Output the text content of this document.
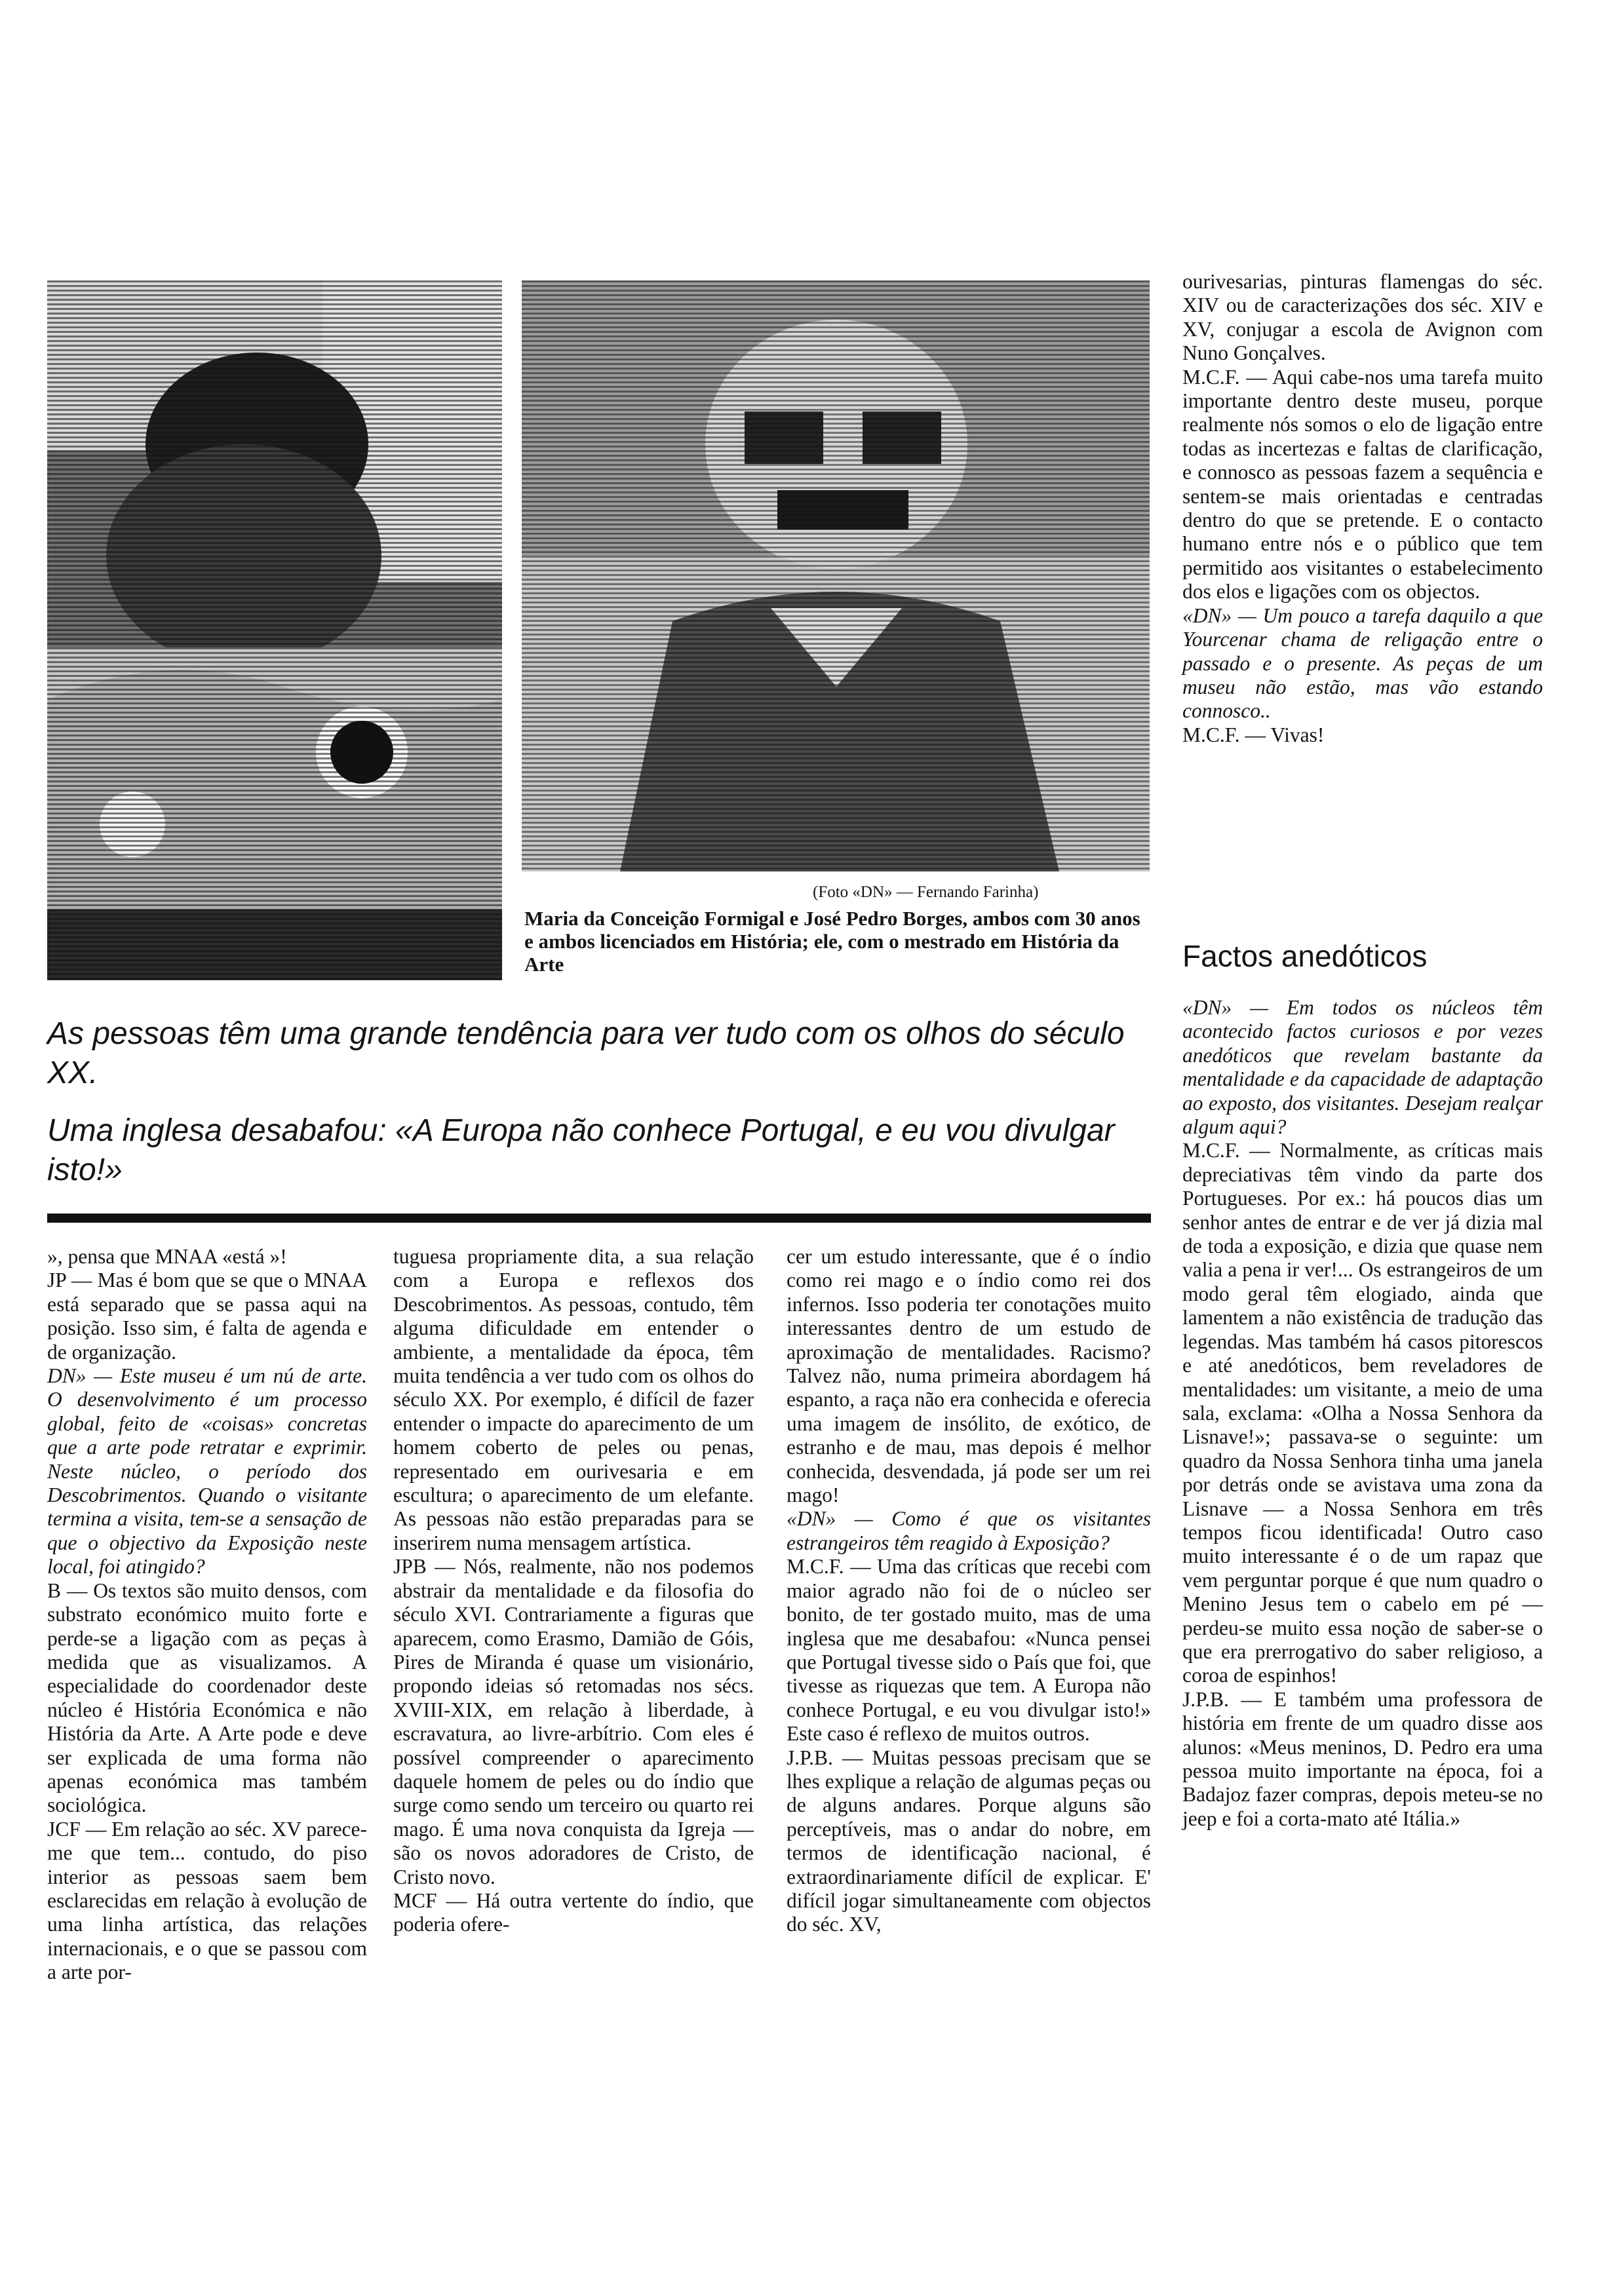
(Foto «DN» — Fernando Farinha)
Maria da Conceição Formigal e José Pedro Borges, ambos com 30 anos e ambos licenciados em História; ele, com o mestrado em História da Arte
As pessoas têm uma grande tendência para ver tudo com os olhos do século XX.
Uma inglesa desabafou: «A Europa não conhece Portugal, e eu vou divulgar isto!»

», pensa que MNAA «está »!

JP — Mas é bom que se que o MNAA está separado que se passa aqui na posição. Isso sim, é falta de agenda e de organização.

DN» — Este museu é um nú de arte. O desenvolvimento é um processo global, feito de «coisas» concretas que a arte pode retratar e exprimir. Neste núcleo, o período dos Descobrimentos. Quando o visitante termina a visita, tem-se a sensação de que o objectivo da Exposição neste local, foi atingido?

B — Os textos são muito densos, com substrato económico muito forte e perde-se a ligação com as peças à medida que as visualizamos. A especialidade do coordenador deste núcleo é História Económica e não História da Arte. A Arte pode e deve ser explicada de uma forma não apenas económica mas também sociológica.

JCF — Em relação ao séc. XV parece-me que tem... contudo, do piso interior as pessoas saem bem esclarecidas em relação à evolução de uma linha artística, das relações internacionais, e o que se passou com a arte por-

tuguesa propriamente dita, a sua relação com a Europa e reflexos dos Descobrimentos. As pessoas, contudo, têm alguma dificuldade em entender o ambiente, a mentalidade da época, têm muita tendência a ver tudo com os olhos do século XX. Por exemplo, é difícil de fazer entender o impacte do aparecimento de um homem coberto de peles ou penas, representado em ourivesaria e em escultura; o aparecimento de um elefante. As pessoas não estão preparadas para se inserirem numa mensagem artística.

JPB — Nós, realmente, não nos podemos abstrair da mentalidade e da filosofia do século XVI. Contrariamente a figuras que aparecem, como Erasmo, Damião de Góis, Pires de Miranda é quase um visionário, propondo ideias só retomadas nos sécs. XVIII-XIX, em relação à liberdade, à escravatura, ao livre-arbítrio. Com eles é possível compreender o aparecimento daquele homem de peles ou do índio que surge como sendo um terceiro ou quarto rei mago. É uma nova conquista da Igreja — são os novos adoradores de Cristo, de Cristo novo.

MCF — Há outra vertente do índio, que poderia ofere-

cer um estudo interessante, que é o índio como rei mago e o índio como rei dos infernos. Isso poderia ter conotações muito interessantes dentro de um estudo de aproximação de mentalidades. Racismo? Talvez não, numa primeira abordagem há espanto, a raça não era conhecida e oferecia uma imagem de insólito, de exótico, de estranho e de mau, mas depois é melhor conhecida, desvendada, já pode ser um rei mago!

«DN» — Como é que os visitantes estrangeiros têm reagido à Exposição?

M.C.F. — Uma das críticas que recebi com maior agrado não foi de o núcleo ser bonito, de ter gostado muito, mas de uma inglesa que me desabafou: «Nunca pensei que Portugal tivesse sido o País que foi, que tivesse as riquezas que tem. A Europa não conhece Portugal, e eu vou divulgar isto!» Este caso é reflexo de muitos outros.

J.P.B. — Muitas pessoas precisam que se lhes explique a relação de algumas peças ou de alguns andares. Porque alguns são perceptíveis, mas o andar do nobre, em termos de identificação nacional, é extraordinariamente difícil de explicar. E' difícil jogar simultaneamente com objectos do séc. XV,

ourivesarias, pinturas flamengas do séc. XIV ou de caracterizações dos séc. XIV e XV, conjugar a escola de Avignon com Nuno Gonçalves.

M.C.F. — Aqui cabe-nos uma tarefa muito importante dentro deste museu, porque realmente nós somos o elo de ligação entre todas as incertezas e faltas de clarificação, e connosco as pessoas fazem a sequência e sentem-se mais orientadas e centradas dentro do que se pretende. E o contacto humano entre nós e o público que tem permitido aos visitantes o estabelecimento dos elos e ligações com os objectos.

«DN» — Um pouco a tarefa daquilo a que Yourcenar chama de religação entre o passado e o presente. As peças de um museu não estão, mas vão estando connosco..

M.C.F. — Vivas!

Factos anedóticos

«DN» — Em todos os núcleos têm acontecido factos curiosos e por vezes anedóticos que revelam bastante da mentalidade e da capacidade de adaptação ao exposto, dos visitantes. Desejam realçar algum aqui?

M.C.F. — Normalmente, as críticas mais depreciativas têm vindo da parte dos Portugueses. Por ex.: há poucos dias um senhor antes de entrar e de ver já dizia mal de toda a exposição, e dizia que quase nem valia a pena ir ver!... Os estrangeiros de um modo geral têm elogiado, ainda que lamentem a não existência de tradução das legendas. Mas também há casos pitorescos e até anedóticos, bem reveladores de mentalidades: um visitante, a meio de uma sala, exclama: «Olha a Nossa Senhora da Lisnave!»; passava-se o seguinte: um quadro da Nossa Senhora tinha uma janela por detrás onde se avistava uma zona da Lisnave — a Nossa Senhora em três tempos ficou identificada! Outro caso muito interessante é o de um rapaz que vem perguntar porque é que num quadro o Menino Jesus tem o cabelo em pé — perdeu-se muito essa noção de saber-se o que era prerrogativo do saber religioso, a coroa de espinhos!

J.P.B. — E também uma professora de história em frente de um quadro disse aos alunos: «Meus meninos, D. Pedro era uma pessoa muito importante na época, foi a Badajoz fazer compras, depois meteu-se no jeep e foi a corta-mato até Itália.»
